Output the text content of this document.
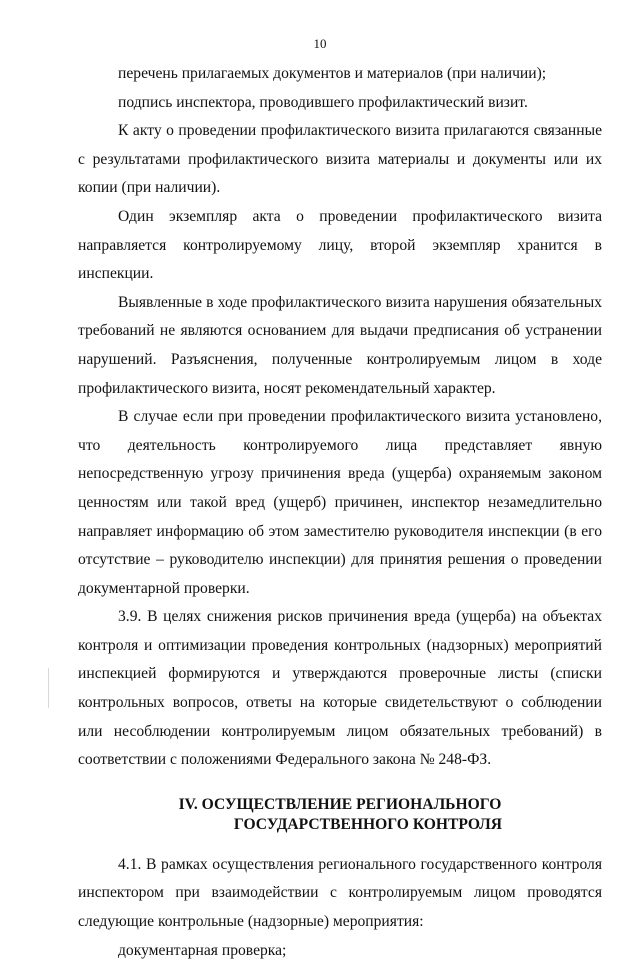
10

перечень прилагаемых документов и материалов (при наличии);

подпись инспектора, проводившего профилактический визит.

К акту о проведении профилактического визита прилагаются связанные с результатами профилактического визита материалы и документы или их копии (при наличии).

Один экземпляр акта о проведении профилактического визита направляется контролируемому лицу, второй экземпляр хранится в инспекции.

Выявленные в ходе профилактического визита нарушения обязательных требований не являются основанием для выдачи предписания об устранении нарушений. Разъяснения, полученные контролируемым лицом в ходе профилактического визита, носят рекомендательный характер.

В случае если при проведении профилактического визита установлено, что деятельность контролируемого лица представляет явную непосредственную угрозу причинения вреда (ущерба) охраняемым законом ценностям или такой вред (ущерб) причинен, инспектор незамедлительно направляет информацию об этом заместителю руководителя инспекции (в его отсутствие – руководителю инспекции) для принятия решения о проведении документарной проверки.

3.9. В целях снижения рисков причинения вреда (ущерба) на объектах контроля и оптимизации проведения контрольных (надзорных) мероприятий инспекцией формируются и утверждаются проверочные листы (списки контрольных вопросов, ответы на которые свидетельствуют о соблюдении или несоблюдении контролируемым лицом обязательных требований) в соответствии с положениями Федерального закона № 248-ФЗ.

IV. ОСУЩЕСТВЛЕНИЕ РЕГИОНАЛЬНОГО
ГОСУДАРСТВЕННОГО КОНТРОЛЯ

4.1. В рамках осуществления регионального государственного контроля инспектором при взаимодействии с контролируемым лицом проводятся следующие контрольные (надзорные) мероприятия:

документарная проверка;
